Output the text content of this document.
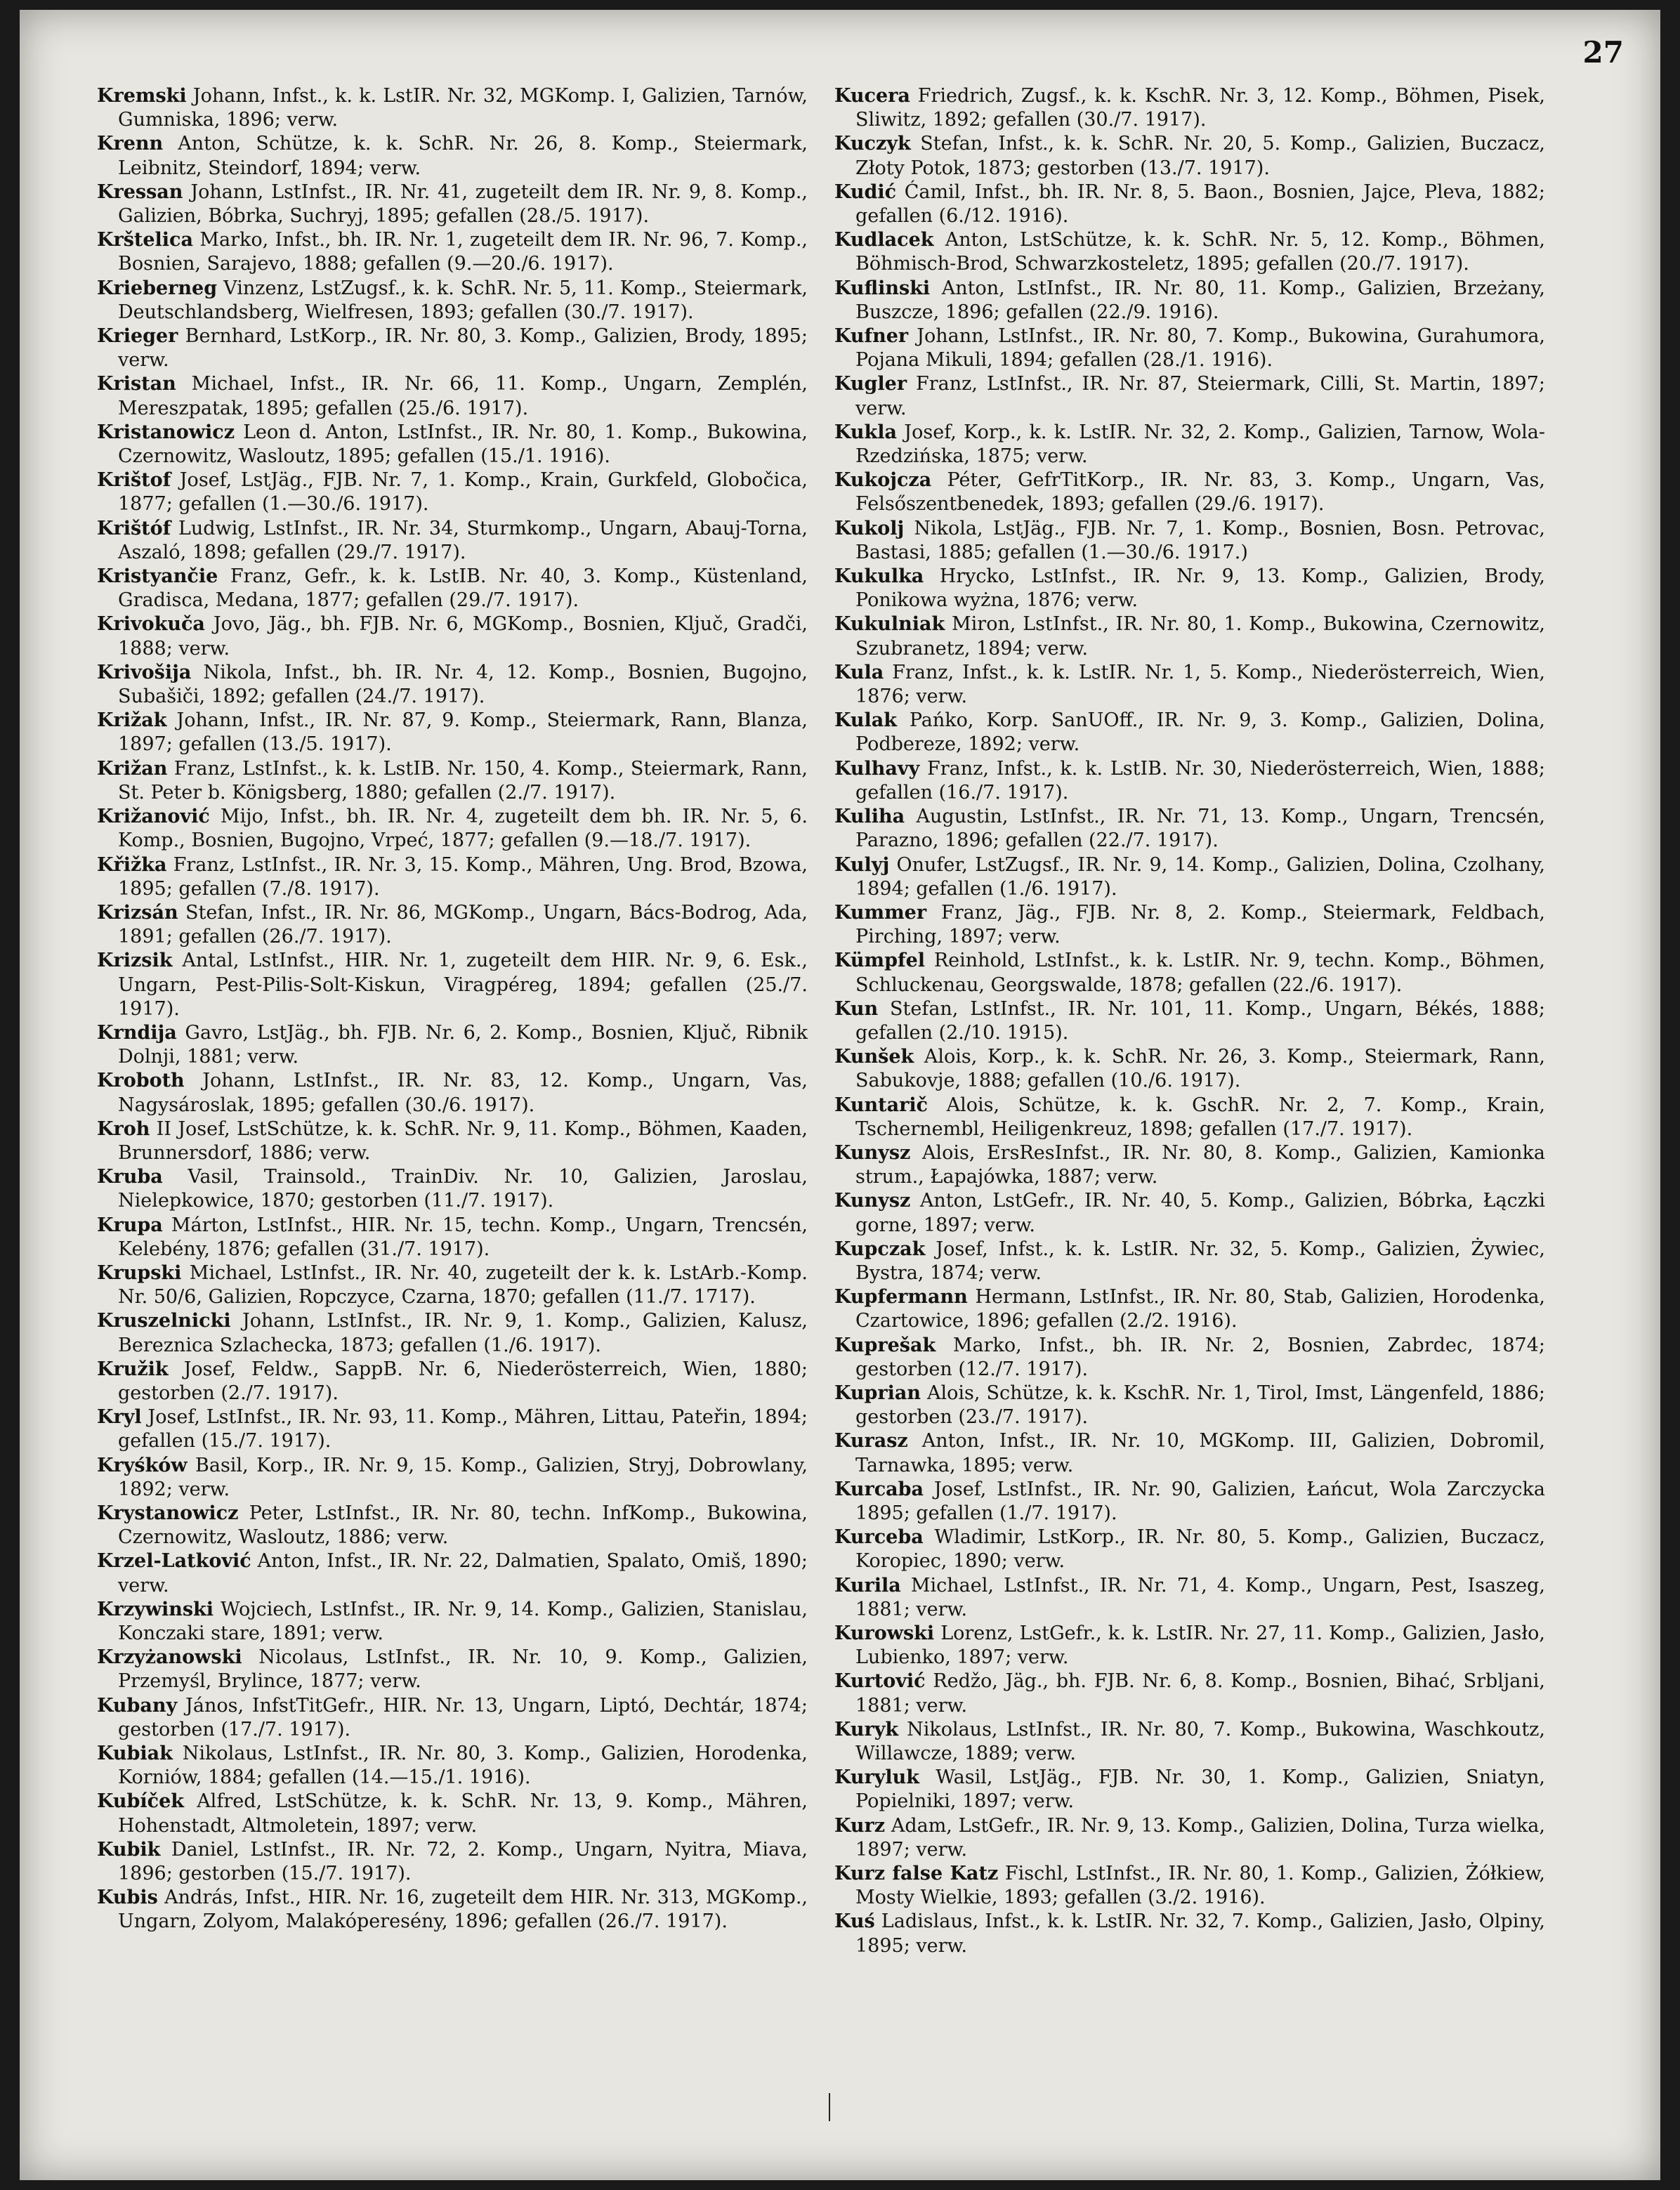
27

Kremski Johann, Infst., k. k. LstIR. Nr. 32, MGKomp. I, Galizien, Tarnów, Gumniska, 1896; verw.

Krenn Anton, Schütze, k. k. SchR. Nr. 26, 8. Komp., Steiermark, Leibnitz, Steindorf, 1894; verw.

Kressan Johann, LstInfst., IR. Nr. 41, zugeteilt dem IR. Nr. 9, 8. Komp., Galizien, Bóbrka, Suchryj, 1895; gefallen (28./5. 1917).

Krštelica Marko, Infst., bh. IR. Nr. 1, zugeteilt dem IR. Nr. 96, 7. Komp., Bosnien, Sarajevo, 1888; gefallen (9.—20./6. 1917).

Krieberneg Vinzenz, LstZugsf., k. k. SchR. Nr. 5, 11. Komp., Steiermark, Deutschlandsberg, Wielfresen, 1893; gefallen (30./7. 1917).

Krieger Bernhard, LstKorp., IR. Nr. 80, 3. Komp., Galizien, Brody, 1895; verw.

Kristan Michael, Infst., IR. Nr. 66, 11. Komp., Ungarn, Zemplén, Mereszpatak, 1895; gefallen (25./6. 1917).

Kristanowicz Leon d. Anton, LstInfst., IR. Nr. 80, 1. Komp., Bukowina, Czernowitz, Wasloutz, 1895; gefallen (15./1. 1916).

Krištof Josef, LstJäg., FJB. Nr. 7, 1. Komp., Krain, Gurkfeld, Globočica, 1877; gefallen (1.—30./6. 1917).

Krištóf Ludwig, LstInfst., IR. Nr. 34, Sturmkomp., Ungarn, Abauj-Torna, Aszaló, 1898; gefallen (29./7. 1917).

Kristyančie Franz, Gefr., k. k. LstIB. Nr. 40, 3. Komp., Küstenland, Gradisca, Medana, 1877; gefallen (29./7. 1917).

Krivokuča Jovo, Jäg., bh. FJB. Nr. 6, MGKomp., Bosnien, Ključ, Gradči, 1888; verw.

Krivošija Nikola, Infst., bh. IR. Nr. 4, 12. Komp., Bosnien, Bugojno, Subašiči, 1892; gefallen (24./7. 1917).

Križak Johann, Infst., IR. Nr. 87, 9. Komp., Steiermark, Rann, Blanza, 1897; gefallen (13./5. 1917).

Križan Franz, LstInfst., k. k. LstIB. Nr. 150, 4. Komp., Steiermark, Rann, St. Peter b. Königsberg, 1880; gefallen (2./7. 1917).

Križanović Mijo, Infst., bh. IR. Nr. 4, zugeteilt dem bh. IR. Nr. 5, 6. Komp., Bosnien, Bugojno, Vrpeć, 1877; gefallen (9.—18./7. 1917).

Křižka Franz, LstInfst., IR. Nr. 3, 15. Komp., Mähren, Ung. Brod, Bzowa, 1895; gefallen (7./8. 1917).

Krizsán Stefan, Infst., IR. Nr. 86, MGKomp., Ungarn, Bács-Bodrog, Ada, 1891; gefallen (26./7. 1917).

Krizsik Antal, LstInfst., HIR. Nr. 1, zugeteilt dem HIR. Nr. 9, 6. Esk., Ungarn, Pest-Pilis-Solt-Kiskun, Viragpéreg, 1894; gefallen (25./7. 1917).

Krndija Gavro, LstJäg., bh. FJB. Nr. 6, 2. Komp., Bosnien, Ključ, Ribnik Dolnji, 1881; verw.

Kroboth Johann, LstInfst., IR. Nr. 83, 12. Komp., Ungarn, Vas, Nagysároslak, 1895; gefallen (30./6. 1917).

Kroh II Josef, LstSchütze, k. k. SchR. Nr. 9, 11. Komp., Böhmen, Kaaden, Brunnersdorf, 1886; verw.

Kruba Vasil, Trainsold., TrainDiv. Nr. 10, Galizien, Jaroslau, Nielepkowice, 1870; gestorben (11./7. 1917).

Krupa Márton, LstInfst., HIR. Nr. 15, techn. Komp., Ungarn, Trencsén, Kelebény, 1876; gefallen (31./7. 1917).

Krupski Michael, LstInfst., IR. Nr. 40, zugeteilt der k. k. LstArb.-Komp. Nr. 50/6, Galizien, Ropczyce, Czarna, 1870; gefallen (11./7. 1717).

Kruszelnicki Johann, LstInfst., IR. Nr. 9, 1. Komp., Galizien, Kalusz, Bereznica Szlachecka, 1873; gefallen (1./6. 1917).

Kružik Josef, Feldw., SappB. Nr. 6, Niederösterreich, Wien, 1880; gestorben (2./7. 1917).

Kryl Josef, LstInfst., IR. Nr. 93, 11. Komp., Mähren, Littau, Pateřin, 1894; gefallen (15./7. 1917).

Kryśków Basil, Korp., IR. Nr. 9, 15. Komp., Galizien, Stryj, Dobrowlany, 1892; verw.

Krystanowicz Peter, LstInfst., IR. Nr. 80, techn. InfKomp., Bukowina, Czernowitz, Wasloutz, 1886; verw.

Krzel-Latković Anton, Infst., IR. Nr. 22, Dalmatien, Spalato, Omiš, 1890; verw.

Krzywinski Wojciech, LstInfst., IR. Nr. 9, 14. Komp., Galizien, Stanislau, Konczaki stare, 1891; verw.

Krzyżanowski Nicolaus, LstInfst., IR. Nr. 10, 9. Komp., Galizien, Przemyśl, Brylince, 1877; verw.

Kubany János, InfstTitGefr., HIR. Nr. 13, Ungarn, Liptó, Dechtár, 1874; gestorben (17./7. 1917).

Kubiak Nikolaus, LstInfst., IR. Nr. 80, 3. Komp., Galizien, Horodenka, Korniów, 1884; gefallen (14.—15./1. 1916).

Kubíček Alfred, LstSchütze, k. k. SchR. Nr. 13, 9. Komp., Mähren, Hohenstadt, Altmoletein, 1897; verw.

Kubik Daniel, LstInfst., IR. Nr. 72, 2. Komp., Ungarn, Nyitra, Miava, 1896; gestorben (15./7. 1917).

Kubis András, Infst., HIR. Nr. 16, zugeteilt dem HIR. Nr. 313, MGKomp., Ungarn, Zolyom, Malakóperesény, 1896; gefallen (26./7. 1917).

Kucera Friedrich, Zugsf., k. k. KschR. Nr. 3, 12. Komp., Böhmen, Pisek, Sliwitz, 1892; gefallen (30./7. 1917).

Kuczyk Stefan, Infst., k. k. SchR. Nr. 20, 5. Komp., Galizien, Buczacz, Złoty Potok, 1873; gestorben (13./7. 1917).

Kudić Ćamil, Infst., bh. IR. Nr. 8, 5. Baon., Bosnien, Jajce, Pleva, 1882; gefallen (6./12. 1916).

Kudlacek Anton, LstSchütze, k. k. SchR. Nr. 5, 12. Komp., Böhmen, Böhmisch-Brod, Schwarzkosteletz, 1895; gefallen (20./7. 1917).

Kuflinski Anton, LstInfst., IR. Nr. 80, 11. Komp., Galizien, Brzeżany, Buszcze, 1896; gefallen (22./9. 1916).

Kufner Johann, LstInfst., IR. Nr. 80, 7. Komp., Bukowina, Gurahumora, Pojana Mikuli, 1894; gefallen (28./1. 1916).

Kugler Franz, LstInfst., IR. Nr. 87, Steiermark, Cilli, St. Martin, 1897; verw.

Kukla Josef, Korp., k. k. LstIR. Nr. 32, 2. Komp., Galizien, Tarnow, Wola-Rzedzińska, 1875; verw.

Kukojcza Péter, GefrTitKorp., IR. Nr. 83, 3. Komp., Ungarn, Vas, Felsőszentbenedek, 1893; gefallen (29./6. 1917).

Kukolj Nikola, LstJäg., FJB. Nr. 7, 1. Komp., Bosnien, Bosn. Petrovac, Bastasi, 1885; gefallen (1.—30./6. 1917.)

Kukulka Hrycko, LstInfst., IR. Nr. 9, 13. Komp., Galizien, Brody, Ponikowa wyżna, 1876; verw.

Kukulniak Miron, LstInfst., IR. Nr. 80, 1. Komp., Bukowina, Czernowitz, Szubranetz, 1894; verw.

Kula Franz, Infst., k. k. LstIR. Nr. 1, 5. Komp., Niederösterreich, Wien, 1876; verw.

Kulak Pańko, Korp. SanUOff., IR. Nr. 9, 3. Komp., Galizien, Dolina, Podbereze, 1892; verw.

Kulhavy Franz, Infst., k. k. LstIB. Nr. 30, Niederösterreich, Wien, 1888; gefallen (16./7. 1917).

Kuliha Augustin, LstInfst., IR. Nr. 71, 13. Komp., Ungarn, Trencsén, Parazno, 1896; gefallen (22./7. 1917).

Kulyj Onufer, LstZugsf., IR. Nr. 9, 14. Komp., Galizien, Dolina, Czolhany, 1894; gefallen (1./6. 1917).

Kummer Franz, Jäg., FJB. Nr. 8, 2. Komp., Steiermark, Feldbach, Pirching, 1897; verw.

Kümpfel Reinhold, LstInfst., k. k. LstIR. Nr. 9, techn. Komp., Böhmen, Schluckenau, Georgswalde, 1878; gefallen (22./6. 1917).

Kun Stefan, LstInfst., IR. Nr. 101, 11. Komp., Ungarn, Békés, 1888; gefallen (2./10. 1915).

Kunšek Alois, Korp., k. k. SchR. Nr. 26, 3. Komp., Steiermark, Rann, Sabukovje, 1888; gefallen (10./6. 1917).

Kuntarič Alois, Schütze, k. k. GschR. Nr. 2, 7. Komp., Krain, Tschernembl, Heiligenkreuz, 1898; gefallen (17./7. 1917).

Kunysz Alois, ErsResInfst., IR. Nr. 80, 8. Komp., Galizien, Kamionka strum., Łapajówka, 1887; verw.

Kunysz Anton, LstGefr., IR. Nr. 40, 5. Komp., Galizien, Bóbrka, Łączki gorne, 1897; verw.

Kupczak Josef, Infst., k. k. LstIR. Nr. 32, 5. Komp., Galizien, Żywiec, Bystra, 1874; verw.

Kupfermann Hermann, LstInfst., IR. Nr. 80, Stab, Galizien, Horodenka, Czartowice, 1896; gefallen (2./2. 1916).

Kuprešak Marko, Infst., bh. IR. Nr. 2, Bosnien, Zabrdec, 1874; gestorben (12./7. 1917).

Kuprian Alois, Schütze, k. k. KschR. Nr. 1, Tirol, Imst, Längenfeld, 1886; gestorben (23./7. 1917).

Kurasz Anton, Infst., IR. Nr. 10, MGKomp. III, Galizien, Dobromil, Tarnawka, 1895; verw.

Kurcaba Josef, LstInfst., IR. Nr. 90, Galizien, Łańcut, Wola Zarczycka 1895; gefallen (1./7. 1917).

Kurceba Wladimir, LstKorp., IR. Nr. 80, 5. Komp., Galizien, Buczacz, Koropiec, 1890; verw.

Kurila Michael, LstInfst., IR. Nr. 71, 4. Komp., Ungarn, Pest, Isaszeg, 1881; verw.

Kurowski Lorenz, LstGefr., k. k. LstIR. Nr. 27, 11. Komp., Galizien, Jasło, Lubienko, 1897; verw.

Kurtović Redžo, Jäg., bh. FJB. Nr. 6, 8. Komp., Bosnien, Bihać, Srbljani, 1881; verw.

Kuryk Nikolaus, LstInfst., IR. Nr. 80, 7. Komp., Bukowina, Waschkoutz, Willawcze, 1889; verw.

Kuryluk Wasil, LstJäg., FJB. Nr. 30, 1. Komp., Galizien, Sniatyn, Popielniki, 1897; verw.

Kurz Adam, LstGefr., IR. Nr. 9, 13. Komp., Galizien, Dolina, Turza wielka, 1897; verw.

Kurz false Katz Fischl, LstInfst., IR. Nr. 80, 1. Komp., Galizien, Żółkiew, Mosty Wielkie, 1893; gefallen (3./2. 1916).

Kuś Ladislaus, Infst., k. k. LstIR. Nr. 32, 7. Komp., Galizien, Jasło, Olpiny, 1895; verw.
